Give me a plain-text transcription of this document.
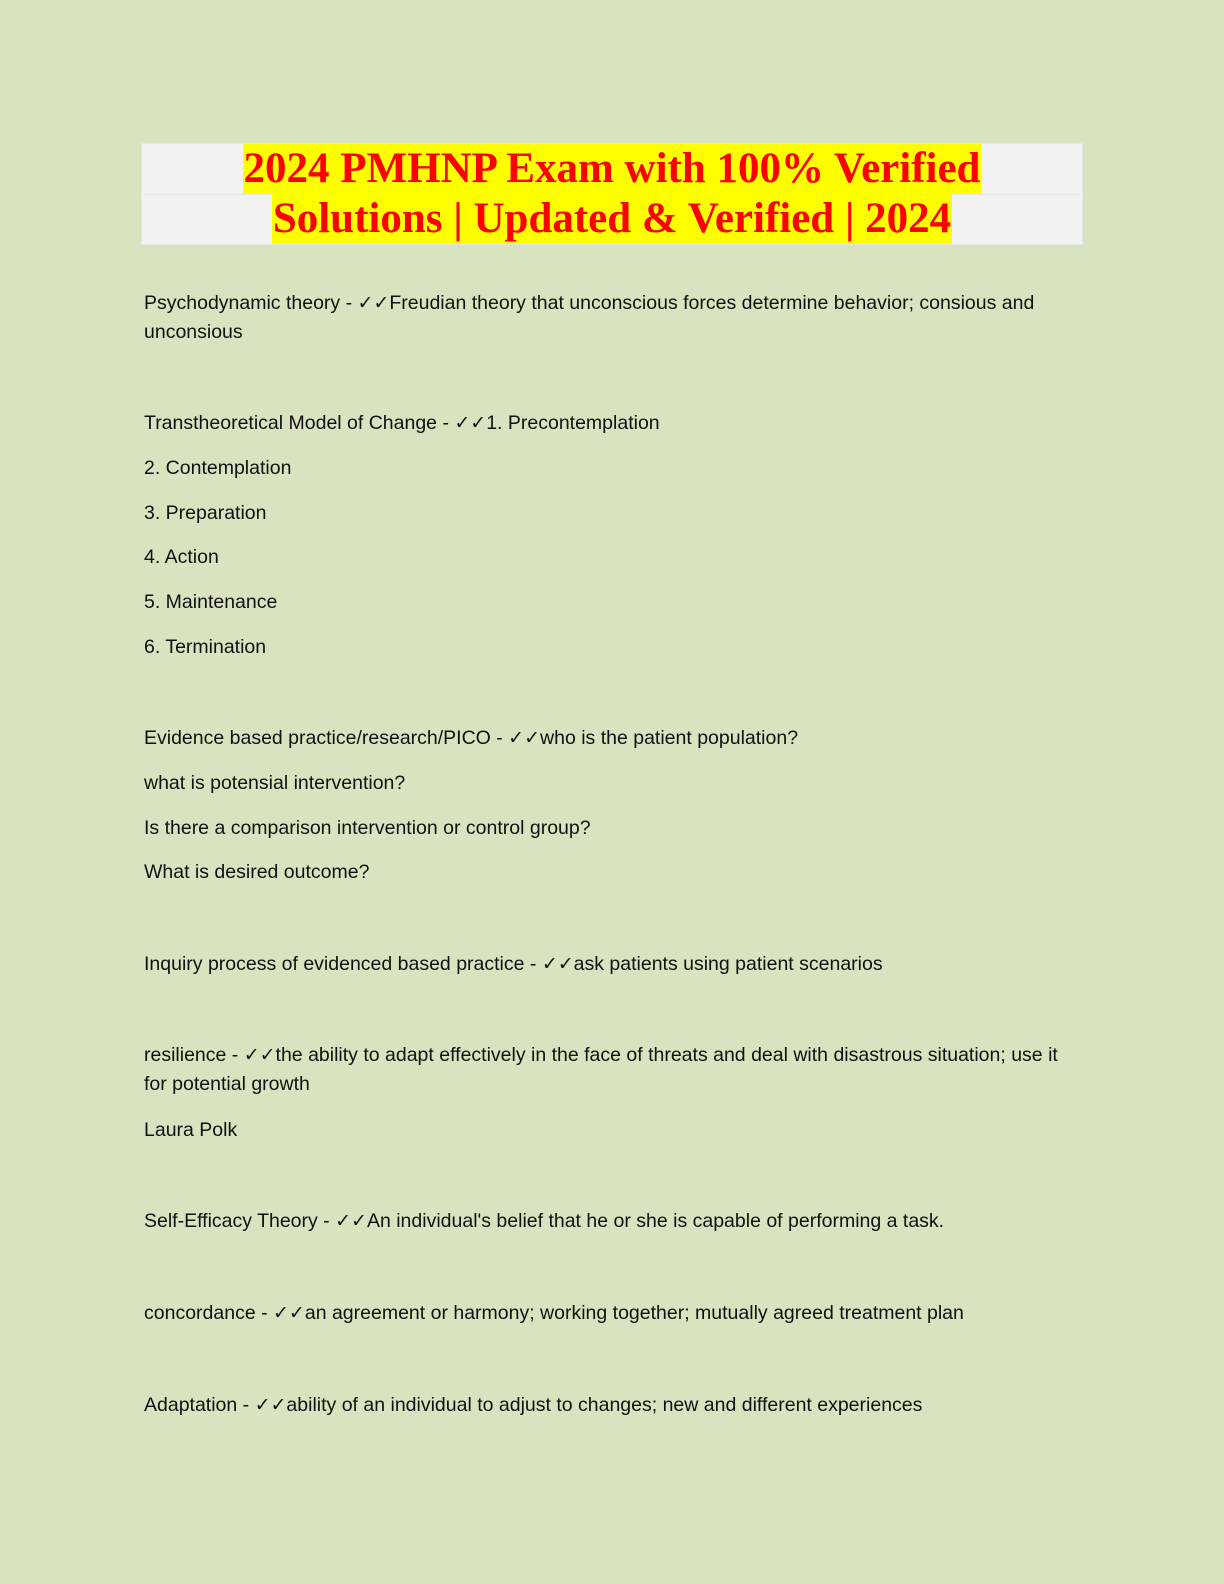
2024 PMHNP Exam with 100% Verified
Solutions | Updated & Verified | 2024
Psychodynamic theory - ✓✓Freudian theory that unconscious forces determine behavior; consious and unconsious
Transtheoretical Model of Change - ✓✓1. Precontemplation
2. Contemplation
3. Preparation
4. Action
5. Maintenance
6. Termination
Evidence based practice/research/PICO - ✓✓who is the patient population?
what is potensial intervention?
Is there a comparison intervention or control group?
What is desired outcome?
Inquiry process of evidenced based practice - ✓✓ask patients using patient scenarios
resilience - ✓✓the ability to adapt effectively in the face of threats and deal with disastrous situation; use it for potential growth
Laura Polk
Self-Efficacy Theory - ✓✓An individual's belief that he or she is capable of performing a task.
concordance - ✓✓an agreement or harmony; working together; mutually agreed treatment plan
Adaptation - ✓✓ability of an individual to adjust to changes; new and different experiences
